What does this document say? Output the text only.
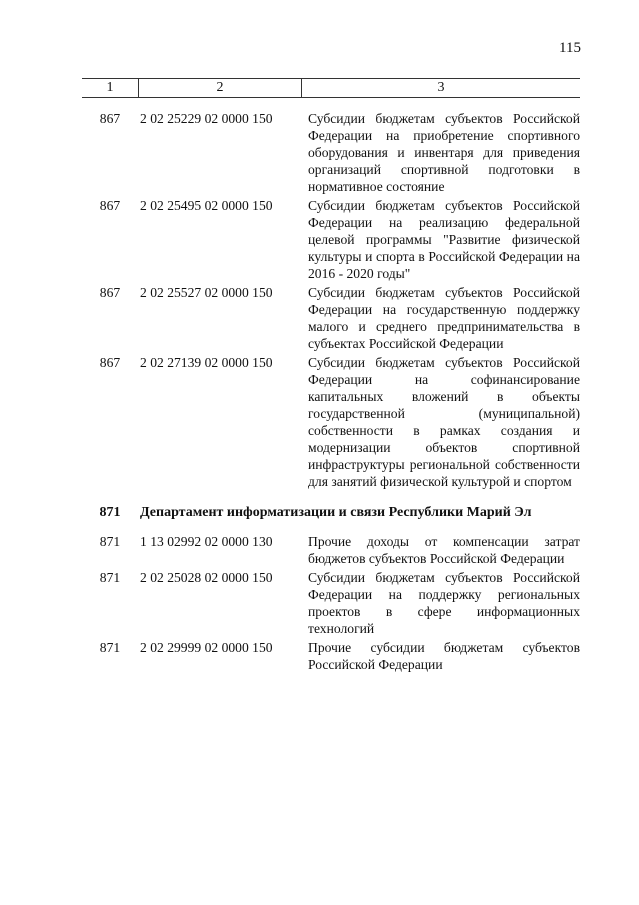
115
1	2	3
867	2 02 25229 02 0000 150	Субсидии бюджетам субъектов Российской Федерации на приобретение спортивного оборудования и инвентаря для приведения организаций спортивной подготовки в нормативное состояние
867	2 02 25495 02 0000 150	Субсидии бюджетам субъектов Российской Федерации на реализацию федеральной целевой программы "Развитие физической культуры и спорта в Российской Федерации на 2016 - 2020 годы"
867	2 02 25527 02 0000 150	Субсидии бюджетам субъектов Российской Федерации на государственную поддержку малого и среднего предпринимательства в субъектах Российской Федерации
867	2 02 27139 02 0000 150	Субсидии бюджетам субъектов Российской Федерации на софинансирование капитальных вложений в объекты государственной (муниципальной) собственности в рамках создания и модернизации объектов спортивной инфраструктуры региональной собственности для занятий физической культурой и спортом
871	Департамент информатизации и связи Республики Марий Эл
871	1 13 02992 02 0000 130	Прочие доходы от компенсации затрат бюджетов субъектов Российской Федерации
871	2 02 25028 02 0000 150	Субсидии бюджетам субъектов Российской Федерации на поддержку региональных проектов в сфере информационных технологий
871	2 02 29999 02 0000 150	Прочие субсидии бюджетам субъектов Российской Федерации
